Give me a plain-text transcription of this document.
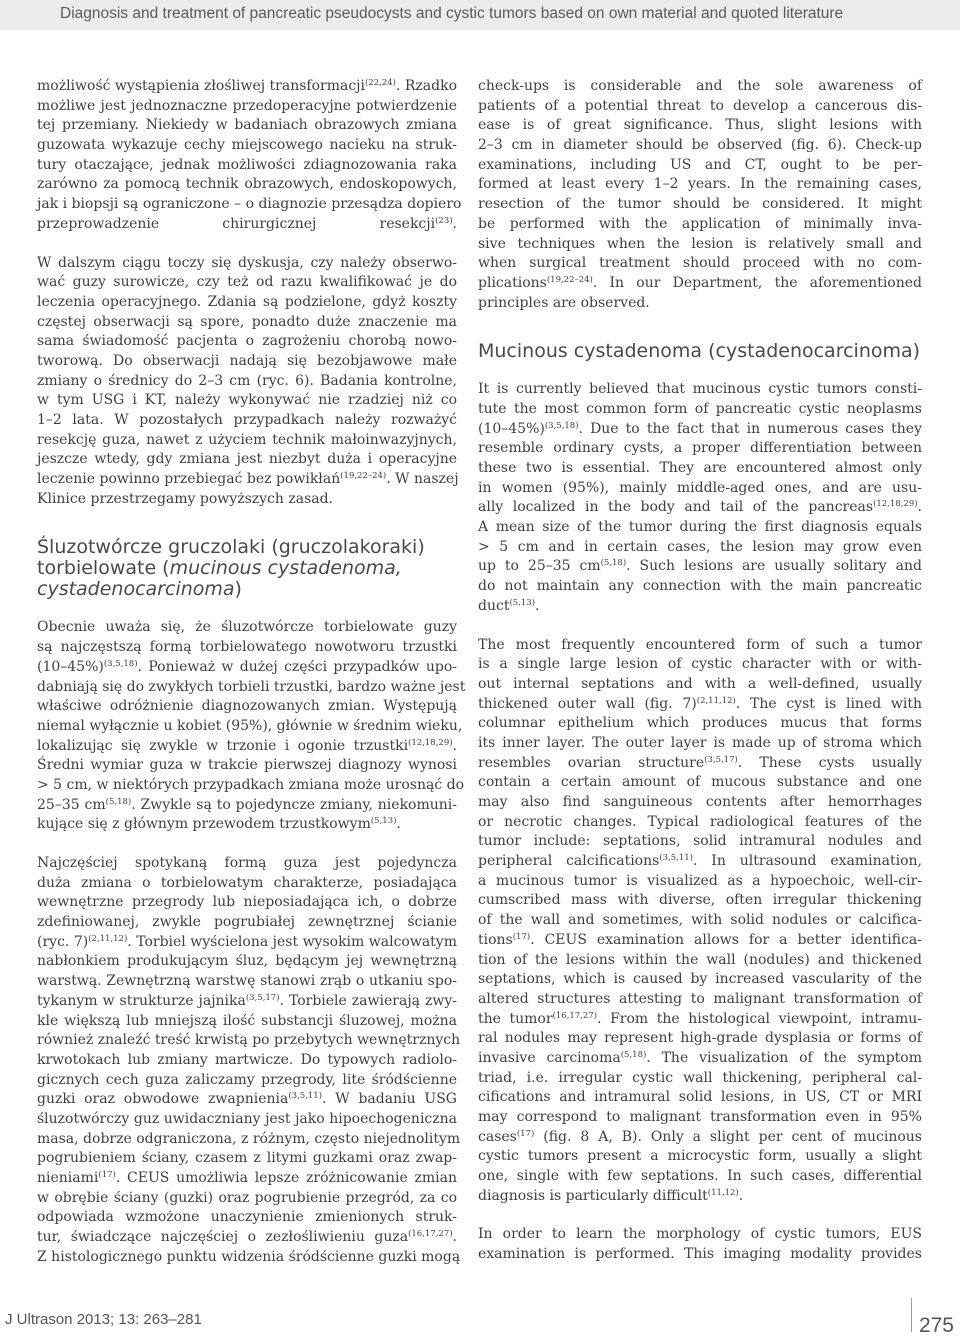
Diagnosis and treatment of pancreatic pseudocysts and cystic tumors based on own material and quoted literature
możliwość wystąpienia złośliwej transformacji$^{(22,24)}$. Rzadko
możliwe jest jednoznaczne przedoperacyjne potwierdzenie
tej przemiany. Niekiedy w badaniach obrazowych zmiana
guzowata wykazuje cechy miejscowego nacieku na struk-
tury otaczające, jednak możliwości zdiagnozowania raka
zarówno za pomocą technik obrazowych, endoskopowych,
jak i biopsji są ograniczone – o diagnozie przesądza dopiero
przeprowadzenie chirurgicznej resekcji$^{(23)}$.
W dalszym ciągu toczy się dyskusja, czy należy obserwo-
wać guzy surowicze, czy też od razu kwalifikować je do
leczenia operacyjnego. Zdania są podzielone, gdyż koszty
częstej obserwacji są spore, ponadto duże znaczenie ma
sama świadomość pacjenta o zagrożeniu chorobą nowo-
tworową. Do obserwacji nadają się bezobjawowe małe
zmiany o średnicy do 2–3 cm (ryc. 6). Badania kontrolne,
w tym USG i KT, należy wykonywać nie rzadziej niż co
1–2 lata. W pozostałych przypadkach należy rozważyć
resekcję guza, nawet z użyciem technik małoinwazyjnych,
jeszcze wtedy, gdy zmiana jest niezbyt duża i operacyjne
leczenie powinno przebiegać bez powikłań$^{(19,22-24)}$. W naszej
Klinice przestrzegamy powyższych zasad.
Śluzotwórcze gruczolaki (gruczolakoraki)
torbielowate (mucinous cystadenoma,
cystadenocarcinoma)
Obecnie uważa się, że śluzotwórcze torbielowate guzy
są najczęstszą formą torbielowatego nowotworu trzustki
$(10-45\%)^{(3,5,18)}$. Ponieważ w dużej części przypadków upo-
dabniają się do zwykłych torbieli trzustki, bardzo ważne jest
właściwe odróżnienie diagnozowanych zmian. Występują
niemal wyłącznie u kobiet (95%), głównie w średnim wieku,
lokalizując się zwykle w trzonie i ogonie trzustki$^{(12,18,29)}$.
Średni wymiar guza w trakcie pierwszej diagnozy wynosi
> 5 cm, w niektórych przypadkach zmiana może urosnąć do
25–35 cm$^{(5,18)}$. Zwykle są to pojedyncze zmiany, niekomuni-
kujące się z głównym przewodem trzustkowym$^{(5,13)}$.
Najczęściej spotykaną formą guza jest pojedyncza
duża zmiana o torbielowatym charakterze, posiadająca
wewnętrzne przegrody lub nieposiadająca ich, o dobrze
zdefiniowanej, zwykle pogrubiałej zewnętrznej ścianie
(ryc. 7)$^{(2,11,12)}$. Torbiel wyścielona jest wysokim walcowatym
nabłonkiem produkującym śluz, będącym jej wewnętrzną
warstwą. Zewnętrzną warstwę stanowi zrąb o utkaniu spo-
tykanym w strukturze jajnika$^{(3,5,17)}$. Torbiele zawierają zwy-
kle większą lub mniejszą ilość substancji śluzowej, można
również znaleźć treść krwistą po przebytych wewnętrznych
krwotokach lub zmiany martwicze. Do typowych radiolo-
gicznych cech guza zaliczamy przegrody, lite śródścienne
guzki oraz obwodowe zwapnienia$^{(3,5,11)}$. W badaniu USG
śluzotwórczy guz uwidaczniany jest jako hipoechogeniczna
masa, dobrze odgraniczona, z różnym, często niejednolitym
pogrubieniem ściany, czasem z litymi guzkami oraz zwap-
nieniami$^{(17)}$. CEUS umożliwia lepsze zróżnicowanie zmian
w obrębie ściany (guzki) oraz pogrubienie przegród, za co
odpowiada wzmożone unaczynienie zmienionych struk-
tur, świadczące najczęściej o zezłośliwieniu guza$^{(16,17,27)}$.
Z histologicznego punktu widzenia śródścienne guzki mogą
check-ups is considerable and the sole awareness of
patients of a potential threat to develop a cancerous dis-
ease is of great significance. Thus, slight lesions with
2–3 cm in diameter should be observed (fig. 6). Check-up
examinations, including US and CT, ought to be per-
formed at least every 1–2 years. In the remaining cases,
resection of the tumor should be considered. It might
be performed with the application of minimally inva-
sive techniques when the lesion is relatively small and
when surgical treatment should proceed with no com-
plications$^{(19,22-24)}$. In our Department, the aforementioned
principles are observed.
Mucinous cystadenoma (cystadenocarcinoma)
It is currently believed that mucinous cystic tumors consti-
tute the most common form of pancreatic cystic neoplasms
$(10-45\%)^{(3,5,18)}$. Due to the fact that in numerous cases they
resemble ordinary cysts, a proper differentiation between
these two is essential. They are encountered almost only
in women (95%), mainly middle-aged ones, and are usu-
ally localized in the body and tail of the pancreas$^{(12,18,29)}$.
A mean size of the tumor during the first diagnosis equals
> 5 cm and in certain cases, the lesion may grow even
up to 25–35 cm$^{(5,18)}$. Such lesions are usually solitary and
do not maintain any connection with the main pancreatic
duct$^{(5,13)}$.
The most frequently encountered form of such a tumor
is a single large lesion of cystic character with or with-
out internal septations and with a well-defined, usually
thickened outer wall (fig. 7)$^{(2,11,12)}$. The cyst is lined with
columnar epithelium which produces mucus that forms
its inner layer. The outer layer is made up of stroma which
resembles ovarian structure$^{(3,5,17)}$. These cysts usually
contain a certain amount of mucous substance and one
may also find sanguineous contents after hemorrhages
or necrotic changes. Typical radiological features of the
tumor include: septations, solid intramural nodules and
peripheral calcifications$^{(3,5,11)}$. In ultrasound examination,
a mucinous tumor is visualized as a hypoechoic, well-cir-
cumscribed mass with diverse, often irregular thickening
of the wall and sometimes, with solid nodules or calcifica-
tions$^{(17)}$. CEUS examination allows for a better identifica-
tion of the lesions within the wall (nodules) and thickened
septations, which is caused by increased vascularity of the
altered structures attesting to malignant transformation of
the tumor$^{(16,17,27)}$. From the histological viewpoint, intramu-
ral nodules may represent high-grade dysplasia or forms of
invasive carcinoma$^{(5,18)}$. The visualization of the symptom
triad, i.e. irregular cystic wall thickening, peripheral cal-
cifications and intramural solid lesions, in US, CT or MRI
may correspond to malignant transformation even in 95%
cases$^{(17)}$ (fig. 8 A, B). Only a slight per cent of mucinous
cystic tumors present a microcystic form, usually a slight
one, single with few septations. In such cases, differential
diagnosis is particularly difficult$^{(11,12)}$.
In order to learn the morphology of cystic tumors, EUS
examination is performed. This imaging modality provides
J Ultrason 2013; 13: 263–281	275
